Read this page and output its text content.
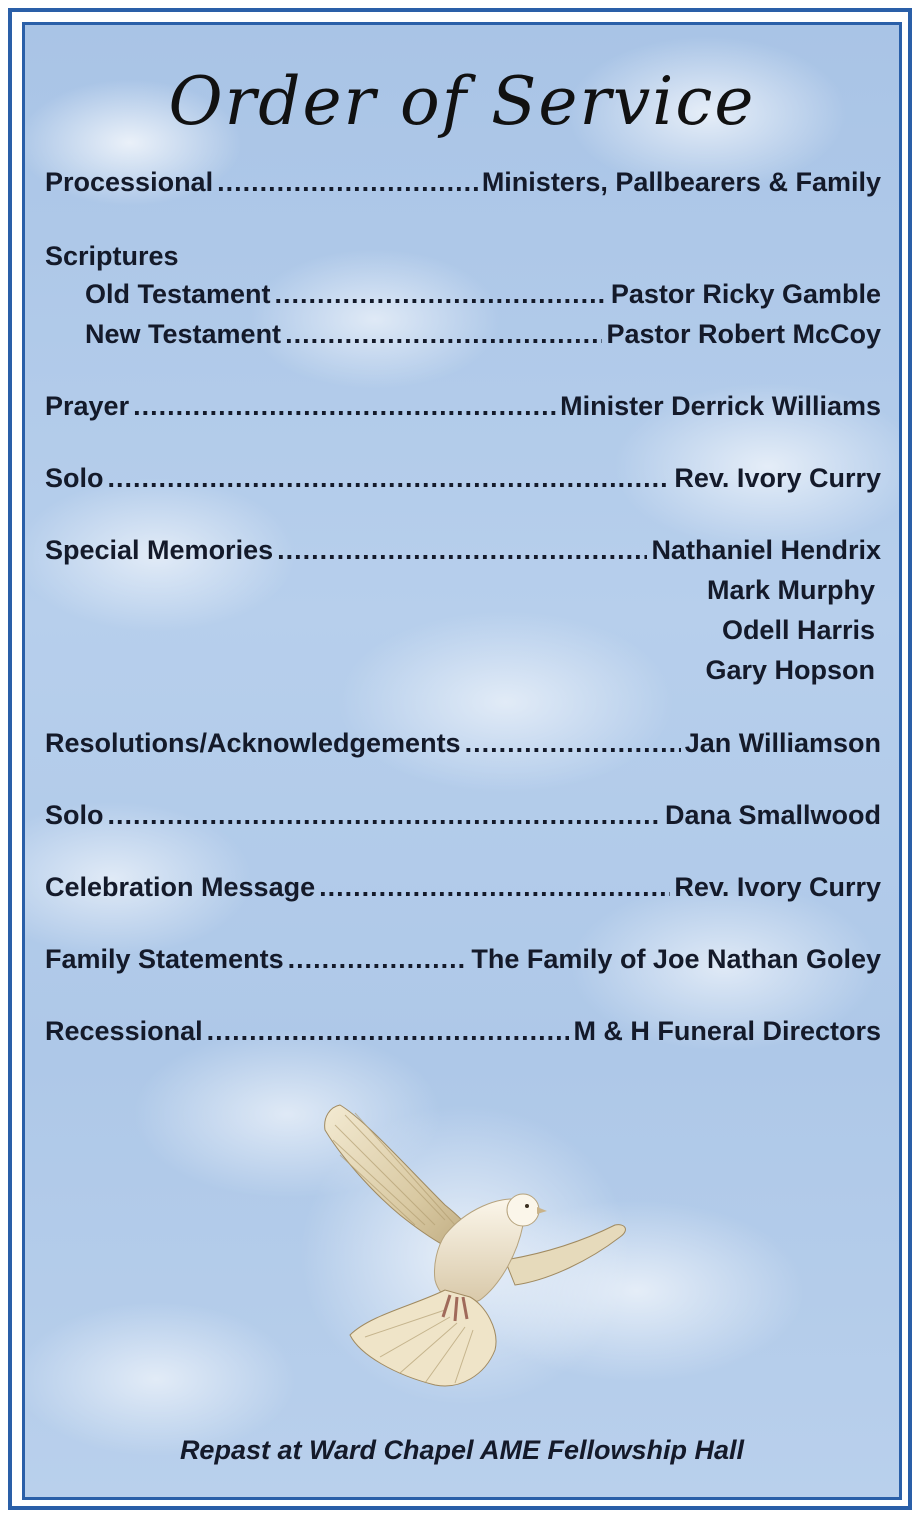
Order of Service
Processional .....	Ministers, Pallbearers & Family
Scriptures
Old Testament .....	Pastor Ricky Gamble
New Testament .....	Pastor Robert McCoy
Prayer .....	Minister Derrick Williams
Solo .....	Rev. Ivory Curry
Special Memories .....	Nathaniel Hendrix
Mark Murphy
Odell Harris
Gary Hopson
Resolutions/Acknowledgements .....	Jan Williamson
Solo .....	Dana Smallwood
Celebration Message .....	Rev. Ivory Curry
Family Statements .....	The Family of Joe Nathan Goley
Recessional .....	M & H Funeral Directors
Repast at Ward Chapel AME Fellowship Hall
